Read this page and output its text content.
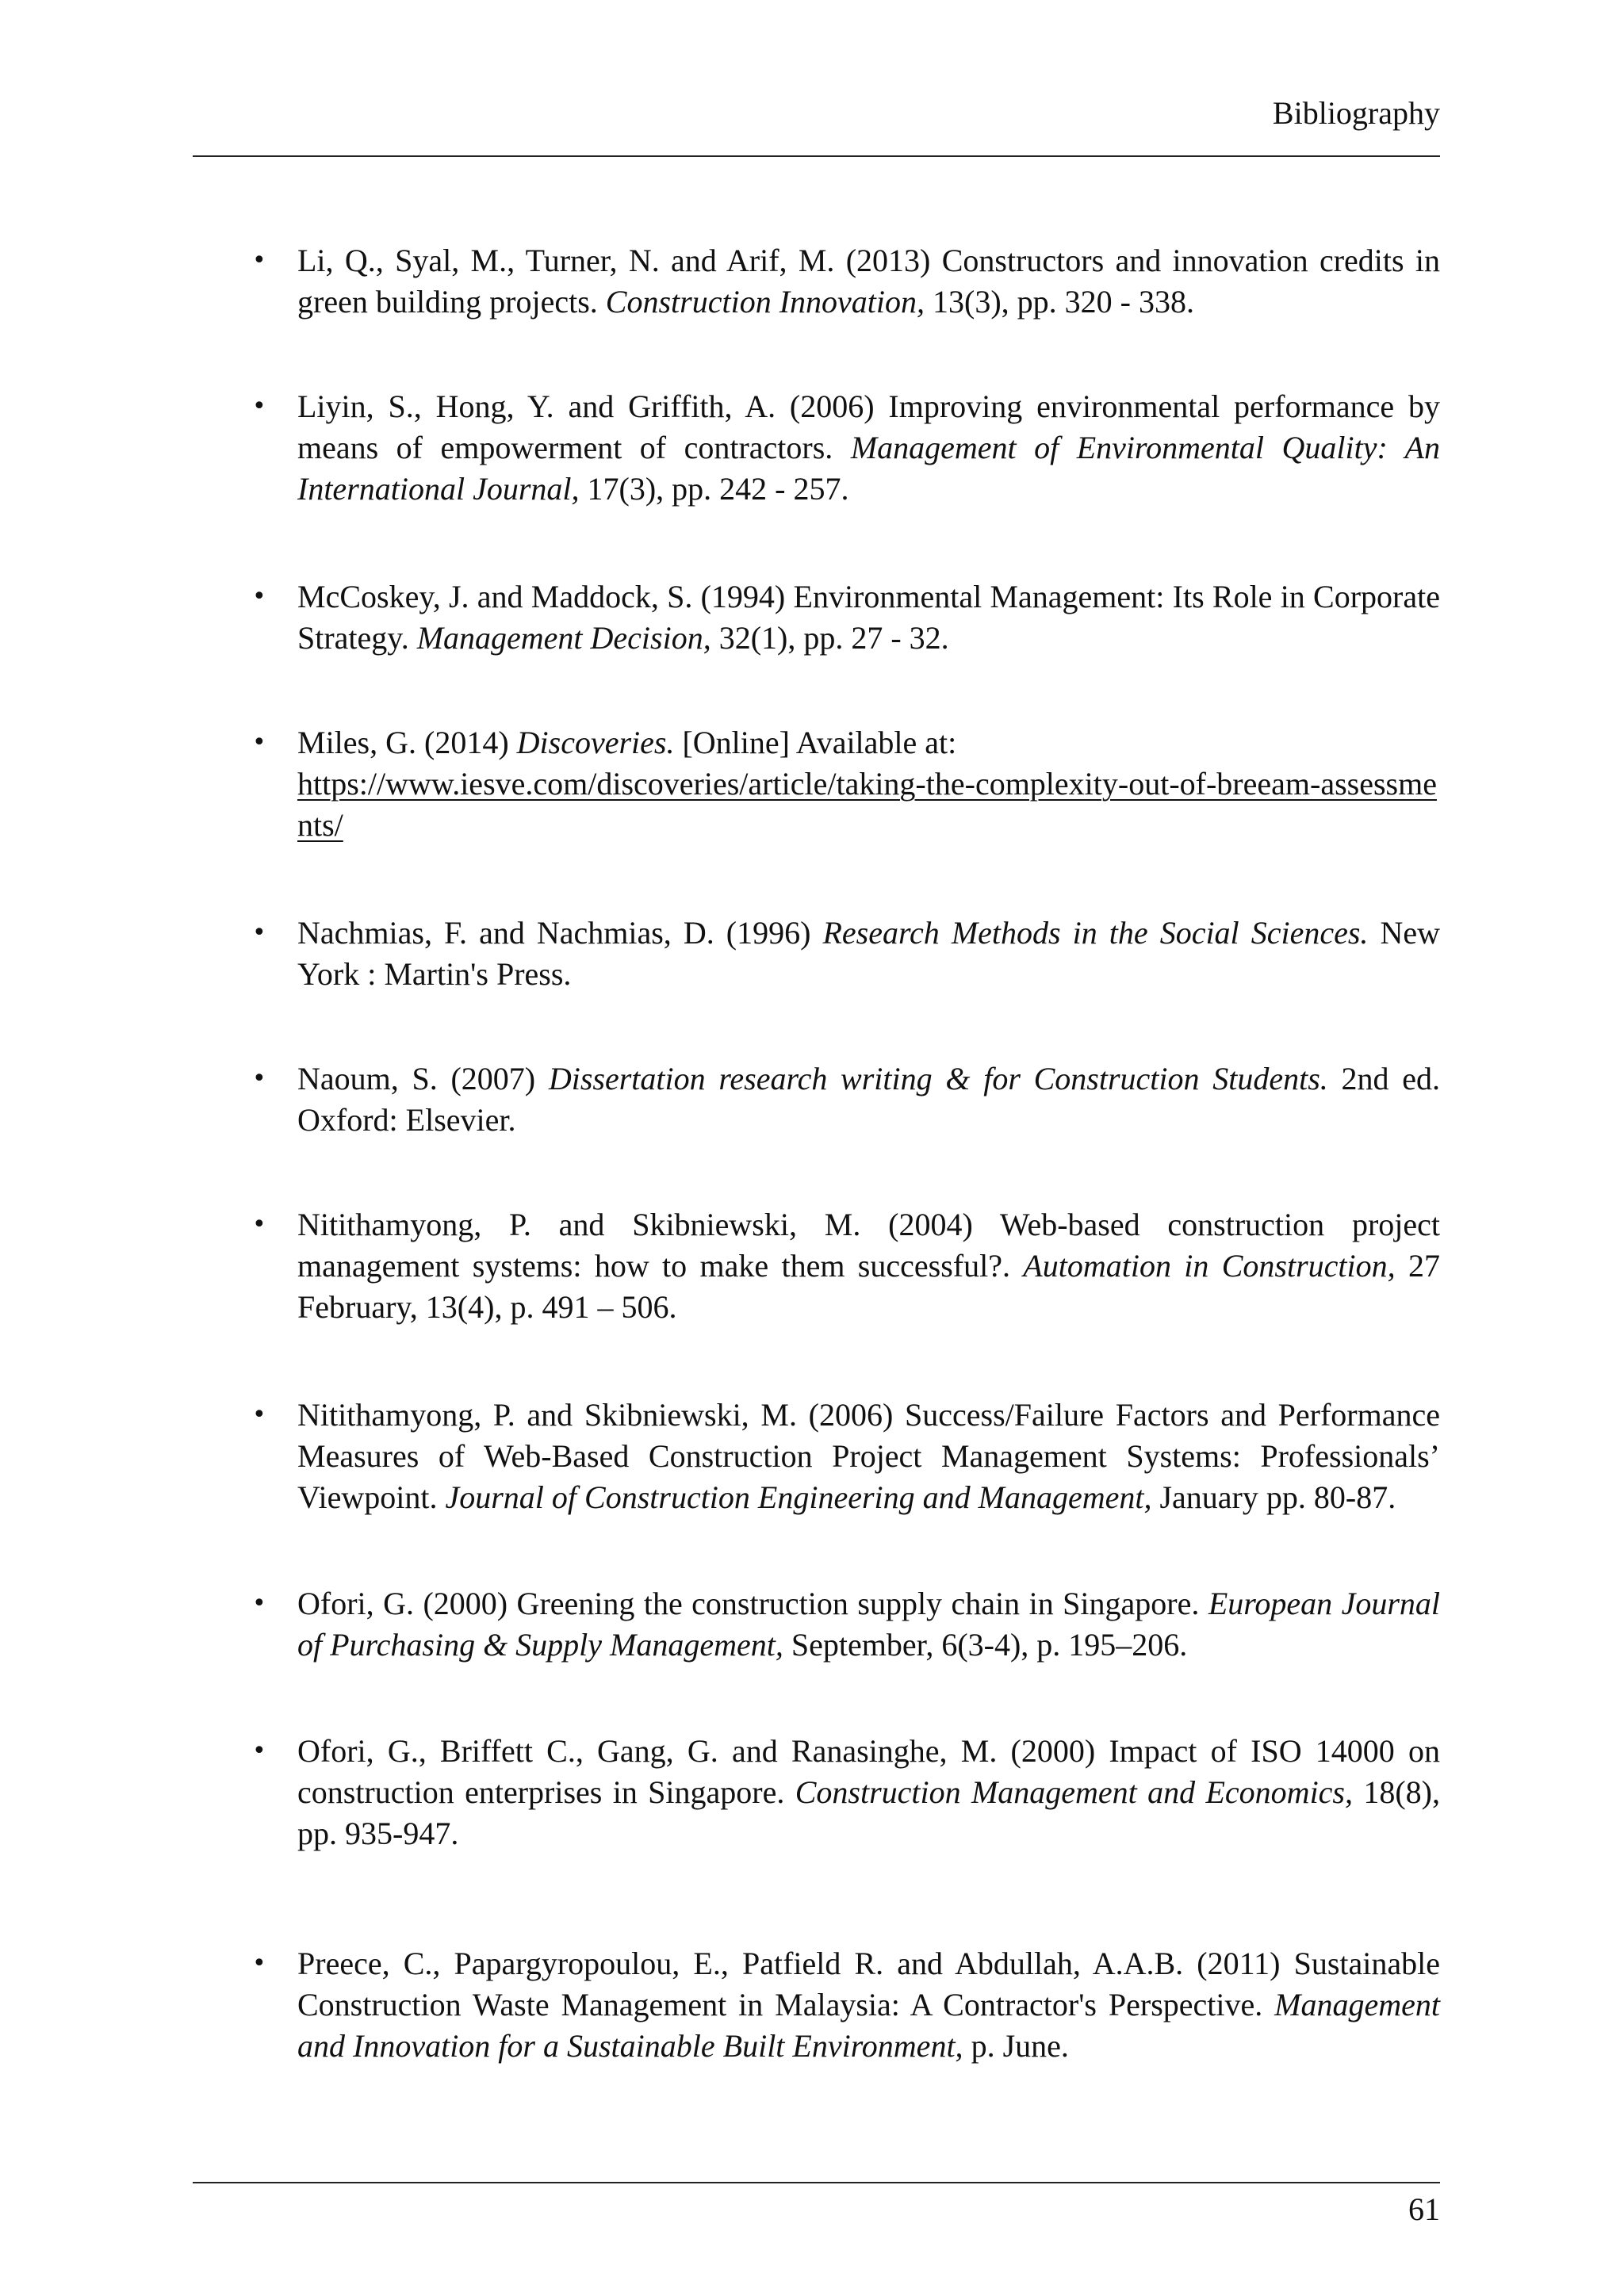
Bibliography
• Li, Q., Syal, M., Turner, N. and Arif, M. (2013) Constructors and innovation credits in green building projects. Construction Innovation, 13(3), pp. 320 - 338.
• Liyin, S., Hong, Y. and Griffith, A. (2006) Improving environmental performance by means of empowerment of contractors. Management of Environmental Quality: An International Journal, 17(3), pp. 242 - 257.
• McCoskey, J. and Maddock, S. (1994) Environmental Management: Its Role in Corporate Strategy. Management Decision, 32(1), pp. 27 - 32.
• Miles, G. (2014) Discoveries. [Online] Available at:
https://www.iesve.com/discoveries/article/taking-the-complexity-out-of-breeam-assessments/
• Nachmias, F. and Nachmias, D. (1996) Research Methods in the Social Sciences. New York : Martin's Press.
• Naoum, S. (2007) Dissertation research writing & for Construction Students. 2nd ed. Oxford: Elsevier.
• Nitithamyong, P. and Skibniewski, M. (2004) Web-based construction project management systems: how to make them successful?. Automation in Construction, 27 February, 13(4), p. 491 – 506.
• Nitithamyong, P. and Skibniewski, M. (2006) Success/Failure Factors and Performance Measures of Web-Based Construction Project Management Systems: Professionals’ Viewpoint. Journal of Construction Engineering and Management, January pp. 80-87.
• Ofori, G. (2000) Greening the construction supply chain in Singapore. European Journal of Purchasing & Supply Management, September, 6(3-4), p. 195–206.
• Ofori, G., Briffett C., Gang, G. and Ranasinghe, M. (2000) Impact of ISO 14000 on construction enterprises in Singapore. Construction Management and Economics, 18(8), pp. 935-947.
• Preece, C., Papargyropoulou, E., Patfield R. and Abdullah, A.A.B. (2011) Sustainable Construction Waste Management in Malaysia: A Contractor's Perspective. Management and Innovation for a Sustainable Built Environment, p. June.
61
